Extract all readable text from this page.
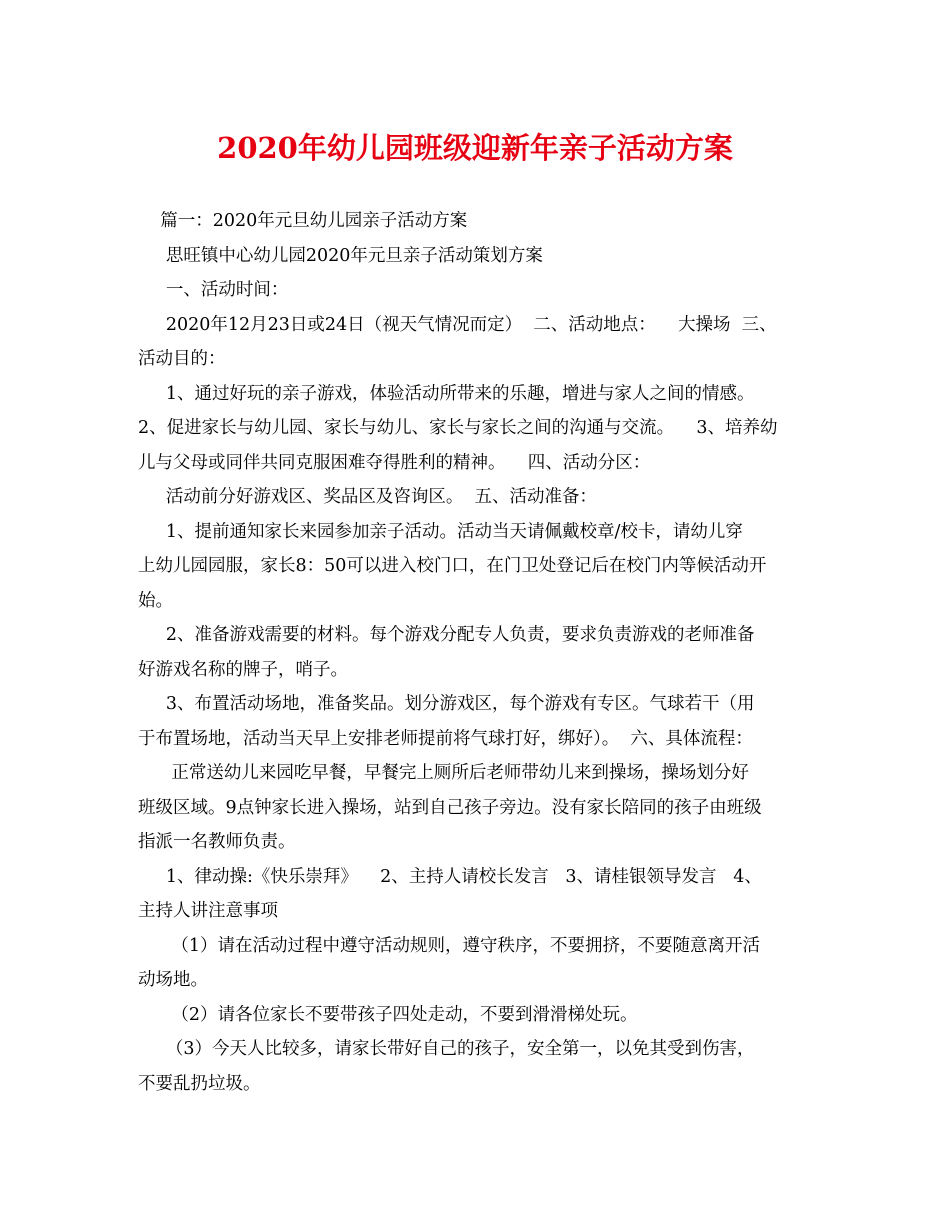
2020年幼儿园班级迎新年亲子活动方案
篇一：2020年元旦幼儿园亲子活动方案
思旺镇中心幼儿园2020年元旦亲子活动策划方案
一、活动时间：
2020年12月23日或24日（视天气情况而定）  二、活动地点：    大操场  三、
活动目的：
1、通过好玩的亲子游戏，体验活动所带来的乐趣，增进与家人之间的情感。
2、促进家长与幼儿园、家长与幼儿、家长与家长之间的沟通与交流。    3、培养幼
儿与父母或同伴共同克服困难夺得胜利的精神。    四、活动分区：
活动前分好游戏区、奖品区及咨询区。  五、活动准备：
1、提前通知家长来园参加亲子活动。活动当天请佩戴校章/校卡，请幼儿穿
上幼儿园园服，家长8：50可以进入校门口，在门卫处登记后在校门内等候活动开
始。
2、准备游戏需要的材料。每个游戏分配专人负责，要求负责游戏的老师准备
好游戏名称的牌子，哨子。
3、布置活动场地，准备奖品。划分游戏区，每个游戏有专区。气球若干（用
于布置场地，活动当天早上安排老师提前将气球打好，绑好）。  六、具体流程：
正常送幼儿来园吃早餐，早餐完上厕所后老师带幼儿来到操场，操场划分好
班级区域。9点钟家长进入操场，站到自己孩子旁边。没有家长陪同的孩子由班级
指派一名教师负责。
1、律动操:《快乐崇拜》    2、主持人请校长发言   3、请桂银领导发言   4、
主持人讲注意事项
（1）请在活动过程中遵守活动规则，遵守秩序，不要拥挤，不要随意离开活
动场地。
（2）请各位家长不要带孩子四处走动，不要到滑滑梯处玩。
（3）今天人比较多，请家长带好自己的孩子，安全第一，以免其受到伤害，
不要乱扔垃圾。
